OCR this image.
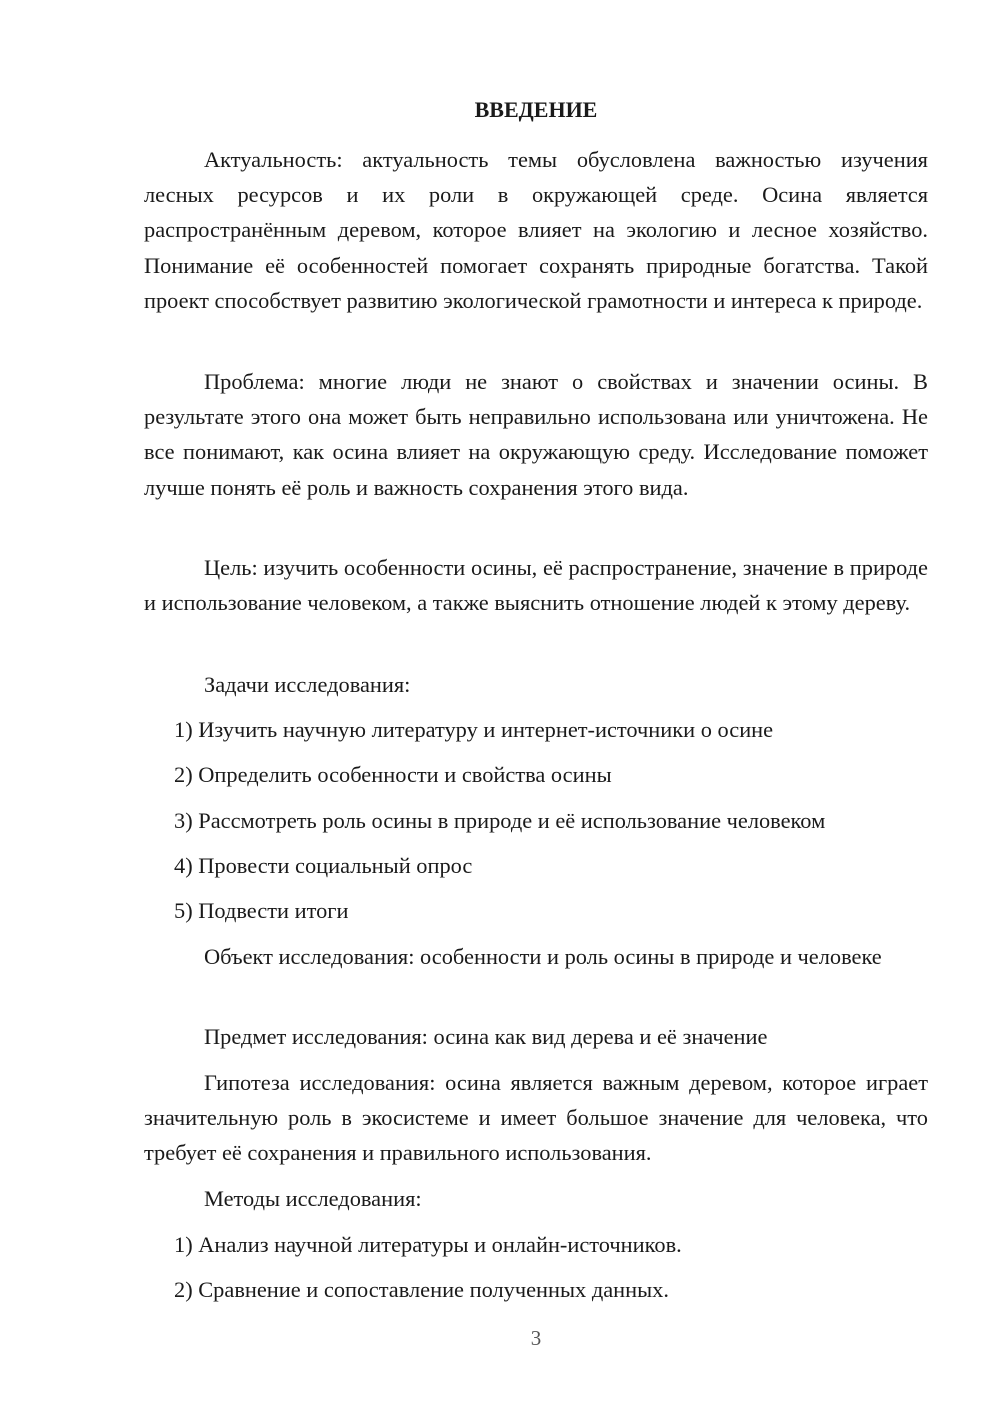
ВВЕДЕНИЕ

Актуальность: актуальность темы обусловлена важностью изучения лесных ресурсов и их роли в окружающей среде. Осина является распространённым деревом, которое влияет на экологию и лесное хозяйство. Понимание её особенностей помогает сохранять природные богатства. Такой проект способствует развитию экологической грамотности и интереса к природе.

Проблема: многие люди не знают о свойствах и значении осины. В результате этого она может быть неправильно использована или уничтожена. Не все понимают, как осина влияет на окружающую среду. Исследование поможет лучше понять её роль и важность сохранения этого вида.

Цель: изучить особенности осины, её распространение, значение в природе и использование человеком, а также выяснить отношение людей к этому дереву.

Задачи исследования:
1) Изучить научную литературу и интернет-источники о осине
2) Определить особенности и свойства осины
3) Рассмотреть роль осины в природе и её использование человеком
4) Провести социальный опрос
5) Подвести итоги

Объект исследования: особенности и роль осины в природе и человеке

Предмет исследования: осина как вид дерева и её значение

Гипотеза исследования: осина является важным деревом, которое играет значительную роль в экосистеме и имеет большое значение для человека, что требует её сохранения и правильного использования.

Методы исследования:
1) Анализ научной литературы и онлайн-источников.
2) Сравнение и сопоставление полученных данных.
3
